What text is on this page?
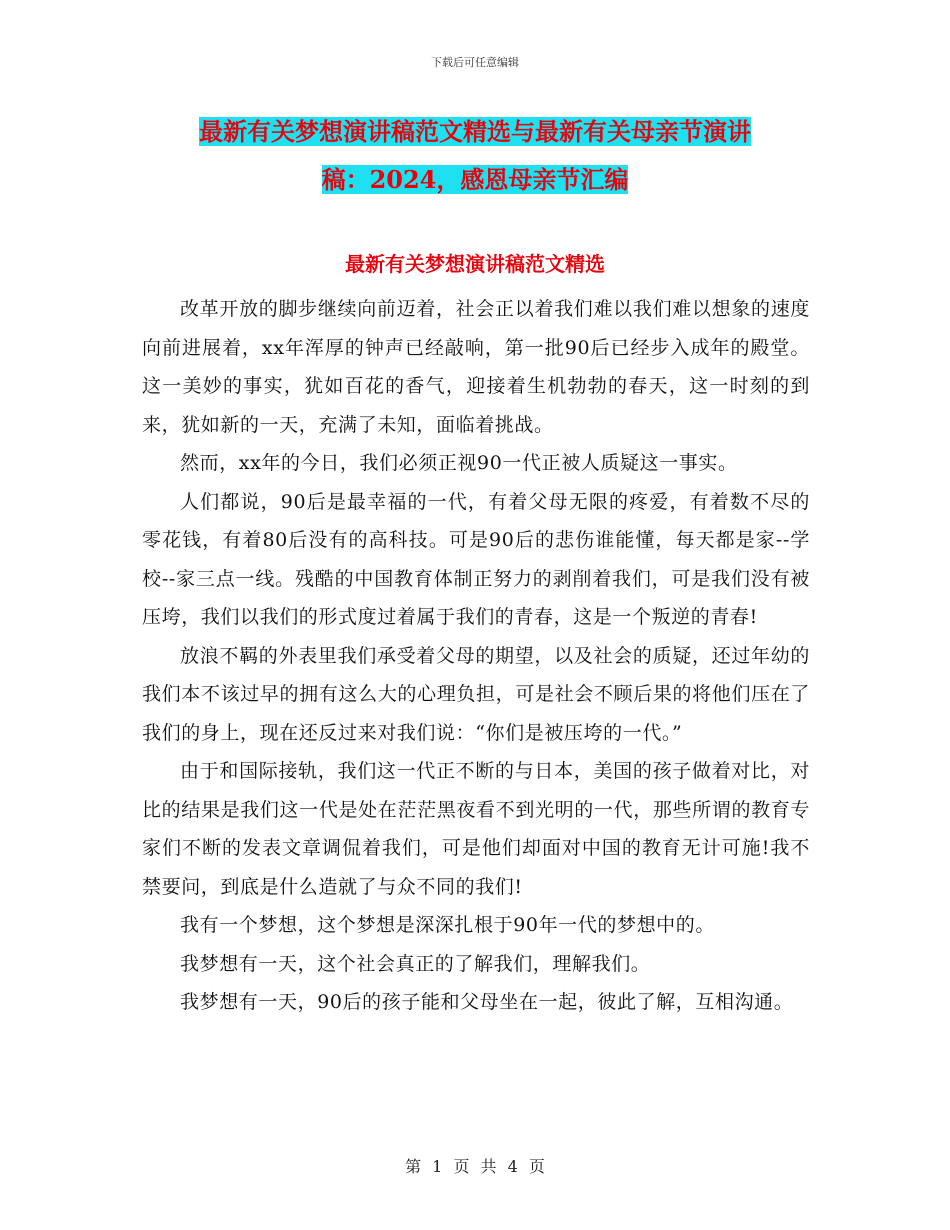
下载后可任意编辑
最新有关梦想演讲稿范文精选与最新有关母亲节演讲
稿：2024，感恩母亲节汇编
最新有关梦想演讲稿范文精选

改革开放的脚步继续向前迈着，社会正以着我们难以我们难以想象的速度向前进展着，xx年浑厚的钟声已经敲响，第一批90后已经步入成年的殿堂。这一美妙的事实，犹如百花的香气，迎接着生机勃勃的春天，这一时刻的到来，犹如新的一天，充满了未知，面临着挑战。

然而，xx年的今日，我们必须正视90一代正被人质疑这一事实。

人们都说，90后是最幸福的一代，有着父母无限的疼爱，有着数不尽的零花钱，有着80后没有的高科技。可是90后的悲伤谁能懂，每天都是家--学校--家三点一线。残酷的中国教育体制正努力的剥削着我们，可是我们没有被压垮，我们以我们的形式度过着属于我们的青春，这是一个叛逆的青春!

放浪不羁的外表里我们承受着父母的期望，以及社会的质疑，还过年幼的我们本不该过早的拥有这么大的心理负担，可是社会不顾后果的将他们压在了我们的身上，现在还反过来对我们说：“你们是被压垮的一代。”

由于和国际接轨，我们这一代正不断的与日本，美国的孩子做着对比，对比的结果是我们这一代是处在茫茫黑夜看不到光明的一代，那些所谓的教育专家们不断的发表文章调侃着我们，可是他们却面对中国的教育无计可施!我不禁要问，到底是什么造就了与众不同的我们!

我有一个梦想，这个梦想是深深扎根于90年一代的梦想中的。

我梦想有一天，这个社会真正的了解我们，理解我们。

我梦想有一天，90后的孩子能和父母坐在一起，彼此了解，互相沟通。

第 1 页 共 4 页
